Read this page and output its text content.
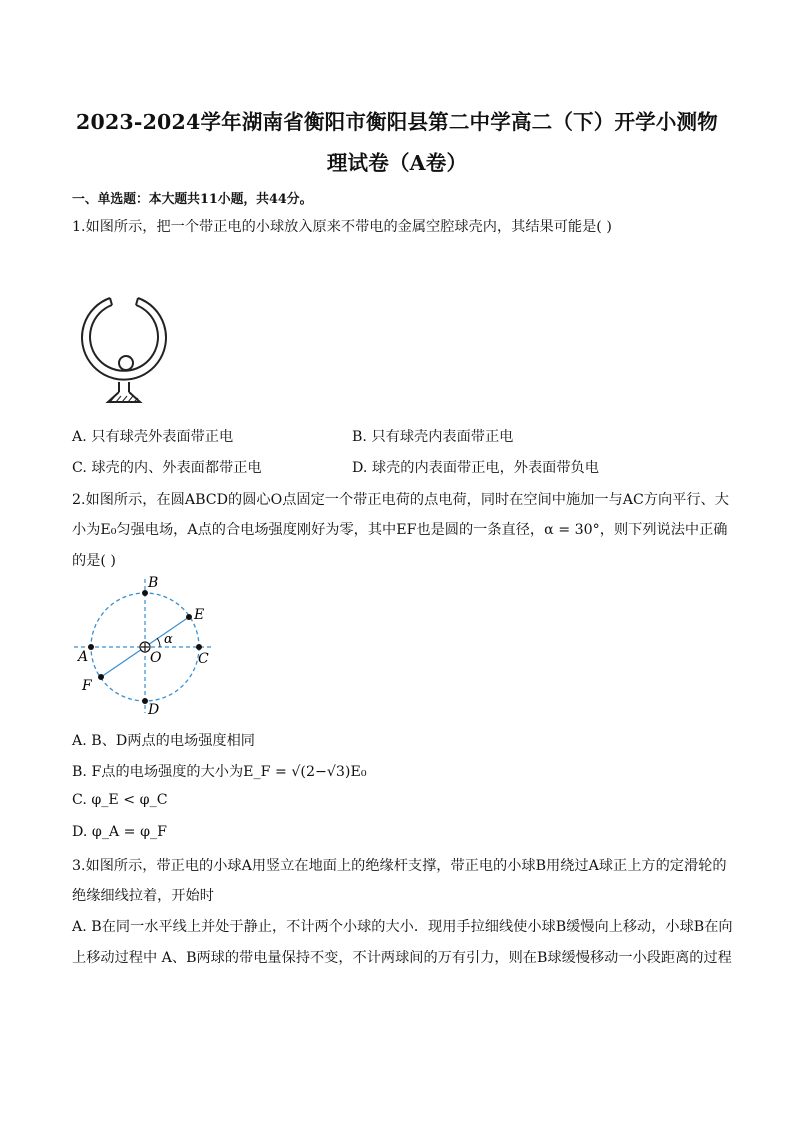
2023-2024学年湖南省衡阳市衡阳县第二中学高二（下）开学小测物
理试卷（A卷）
一、单选题：本大题共11小题，共44分。
1.如图所示，把一个带正电的小球放入原来不带电的金属空腔球壳内，其结果可能是( )
A. 只有球壳外表面带正电	B. 只有球壳内表面带正电
C. 球壳的内、外表面都带正电	D. 球壳的内表面带正电，外表面带负电
2.如图所示，在圆ABCD的圆心O点固定一个带正电荷的点电荷，同时在空间中施加一与AC方向平行、大
小为E₀匀强电场，A点的合电场强度刚好为零，其中EF也是圆的一条直径，α = 30°，则下列说法中正确
的是( )
A	C
B
D
E
F
O
α
A. B、D两点的电场强度相同
B. F点的电场强度的大小为E_F = √(2−√3)E₀
C. φ_E < φ_C
D. φ_A = φ_F
3.如图所示，带正电的小球A用竖立在地面上的绝缘杆支撑，带正电的小球B用绕过A球正上方的定滑轮的
绝缘细线拉着，开始时
A. B在同一水平线上并处于静止，不计两个小球的大小．现用手拉细线使小球B缓慢向上移动，小球B在向
上移动过程中 A、B两球的带电量保持不变，不计两球间的万有引力，则在B球缓慢移动一小段距离的过程
